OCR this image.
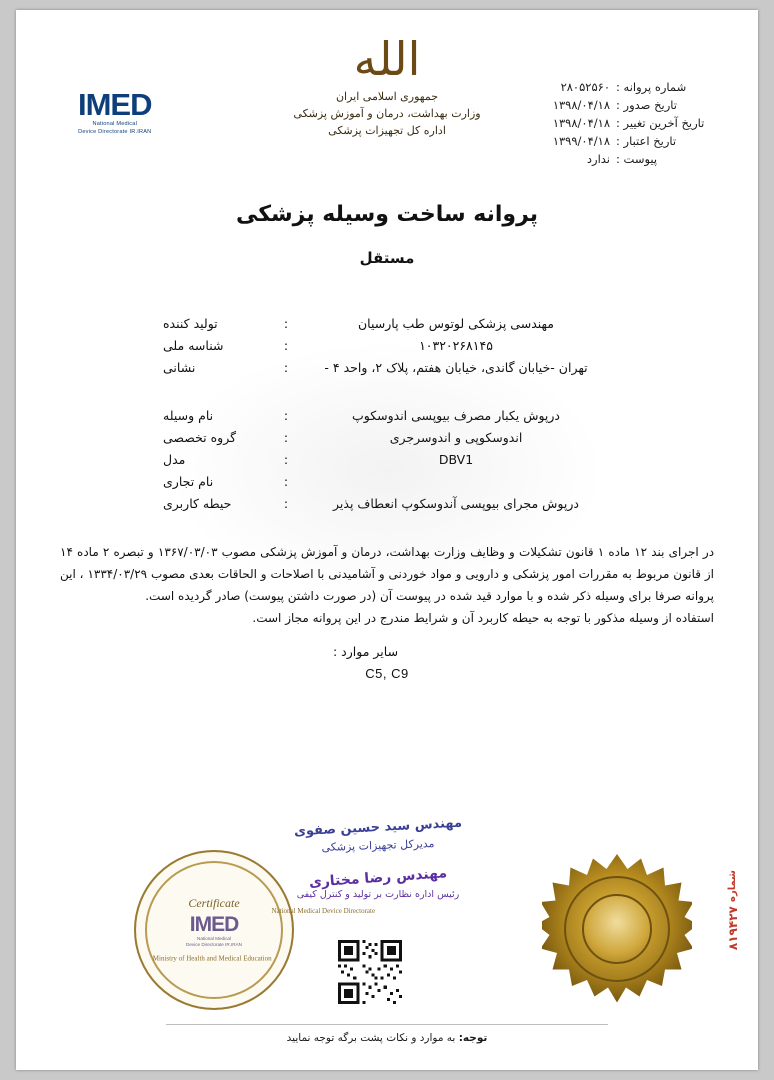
شماره پروانه :
۲۸۰۵۲۵۶۰
تاریخ صدور :
۱۳۹۸/۰۴/۱۸
تاریخ آخرین تغییر :
۱۳۹۸/۰۴/۱۸
تاریخ اعتبار :
۱۳۹۹/۰۴/۱۸
پیوست :
ندارد
الله
جمهوری اسلامی ایران
وزارت بهداشت، درمان و آموزش پزشکی
اداره کل تجهیزات پزشکی
IMED
National Medical
Device Directorate IR.IRAN
پروانه ساخت وسیله پزشکی
مستقل
مهندسی پزشکی لوتوس طب پارسیان
:
تولید کننده
۱۰۳۲۰۲۶۸۱۴۵
:
شناسه ملی
تهران -خیابان گاندی، خیابان هفتم، پلاک ۲، واحد ۴ -
:
نشانی
درپوش یکبار مصرف بیوپسی اندوسکوپ
:
نام وسیله
اندوسکوپی و اندوسرجری
:
گروه تخصصی
DBV1
:
مدل
:
نام تجاری
درپوش مجرای بیوپسی آندوسکوپ انعطاف پذیر
:
حیطه کاربری

در اجرای بند ۱۲ ماده ۱ قانون تشکیلات و وظایف وزارت بهداشت، درمان و آموزش پزشکی مصوب ۱۳۶۷/۰۳/۰۳ و تبصره ۲ ماده ۱۴ از قانون مربوط به مقررات امور پزشکی و دارویی و مواد خوردنی و آشامیدنی با اصلاحات و الحاقات بعدی مصوب ۱۳۳۴/۰۳/۲۹ ، این پروانه صرفا برای وسیله ذکر شده و با موارد قید شده در پیوست آن (در صورت داشتن پیوست) صادر گردیده است.

استفاده از وسیله مذکور با توجه به حیطه کاربرد آن و شرایط مندرج در این پروانه مجاز است.

سایر موارد :
C5, C9
مهندس سید حسین صفوی
مدیرکل تجهیزات پزشکی
مهندس رضا مختاری
رئیس اداره نظارت بر تولید و کنترل کیفی
Certificate
IMED
National Medical
Device Directorate IR.IRAN
Ministry of Health and Medical Education
National Medical Device Directorate
شماره ۸۱۹۴۲۷
توجه: به موارد و نکات پشت برگه توجه نمایید
